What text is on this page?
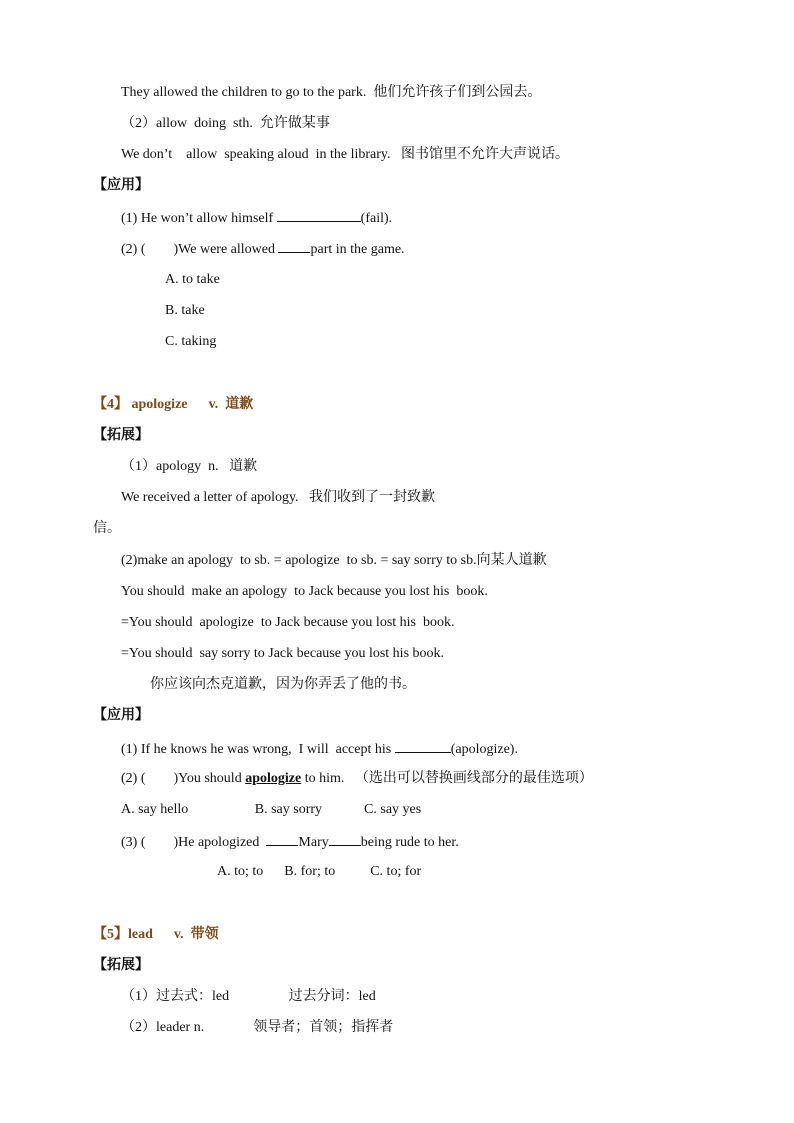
They allowed the children to go to the park.  他们允许孩子们到公园去。
（2）allow  doing  sth.  允许做某事
We don’t    allow  speaking aloud  in the library.   图书馆里不允许大声说话。
【应用】
(1) He won’t allow himself	(fail).
(2) (        )We were allowed part in the game.
A. to take
B. take
C. taking
【4】 apologize      v.  道歉
【拓展】
（1）apology  n.   道歉
We received a letter of apology.   我们收到了一封致歉
信。
(2)make an apology  to sb. = apologize  to sb. = say sorry to sb.向某人道歉
You should  make an apology  to Jack because you lost his  book.
=You should  apologize  to Jack because you lost his  book.
=You should  say sorry to Jack because you lost his book.
你应该向杰克道歉，因为你弄丢了他的书。
【应用】
(1) If he knows he was wrong,  I will  accept his	(apologize).
(2) (        )You should apologize to him.   （选出可以替换画线部分的最佳选项）
A. say hello                   B. say sorry            C. say yes
(3) (        )He apologized  Mary being rude to her.
A. to; to      B. for; to          C. to; for
【5】lead      v.  带领
【拓展】
（1）过去式：led                 过去分词：led
（2）leader n.              领导者；首领；指挥者
